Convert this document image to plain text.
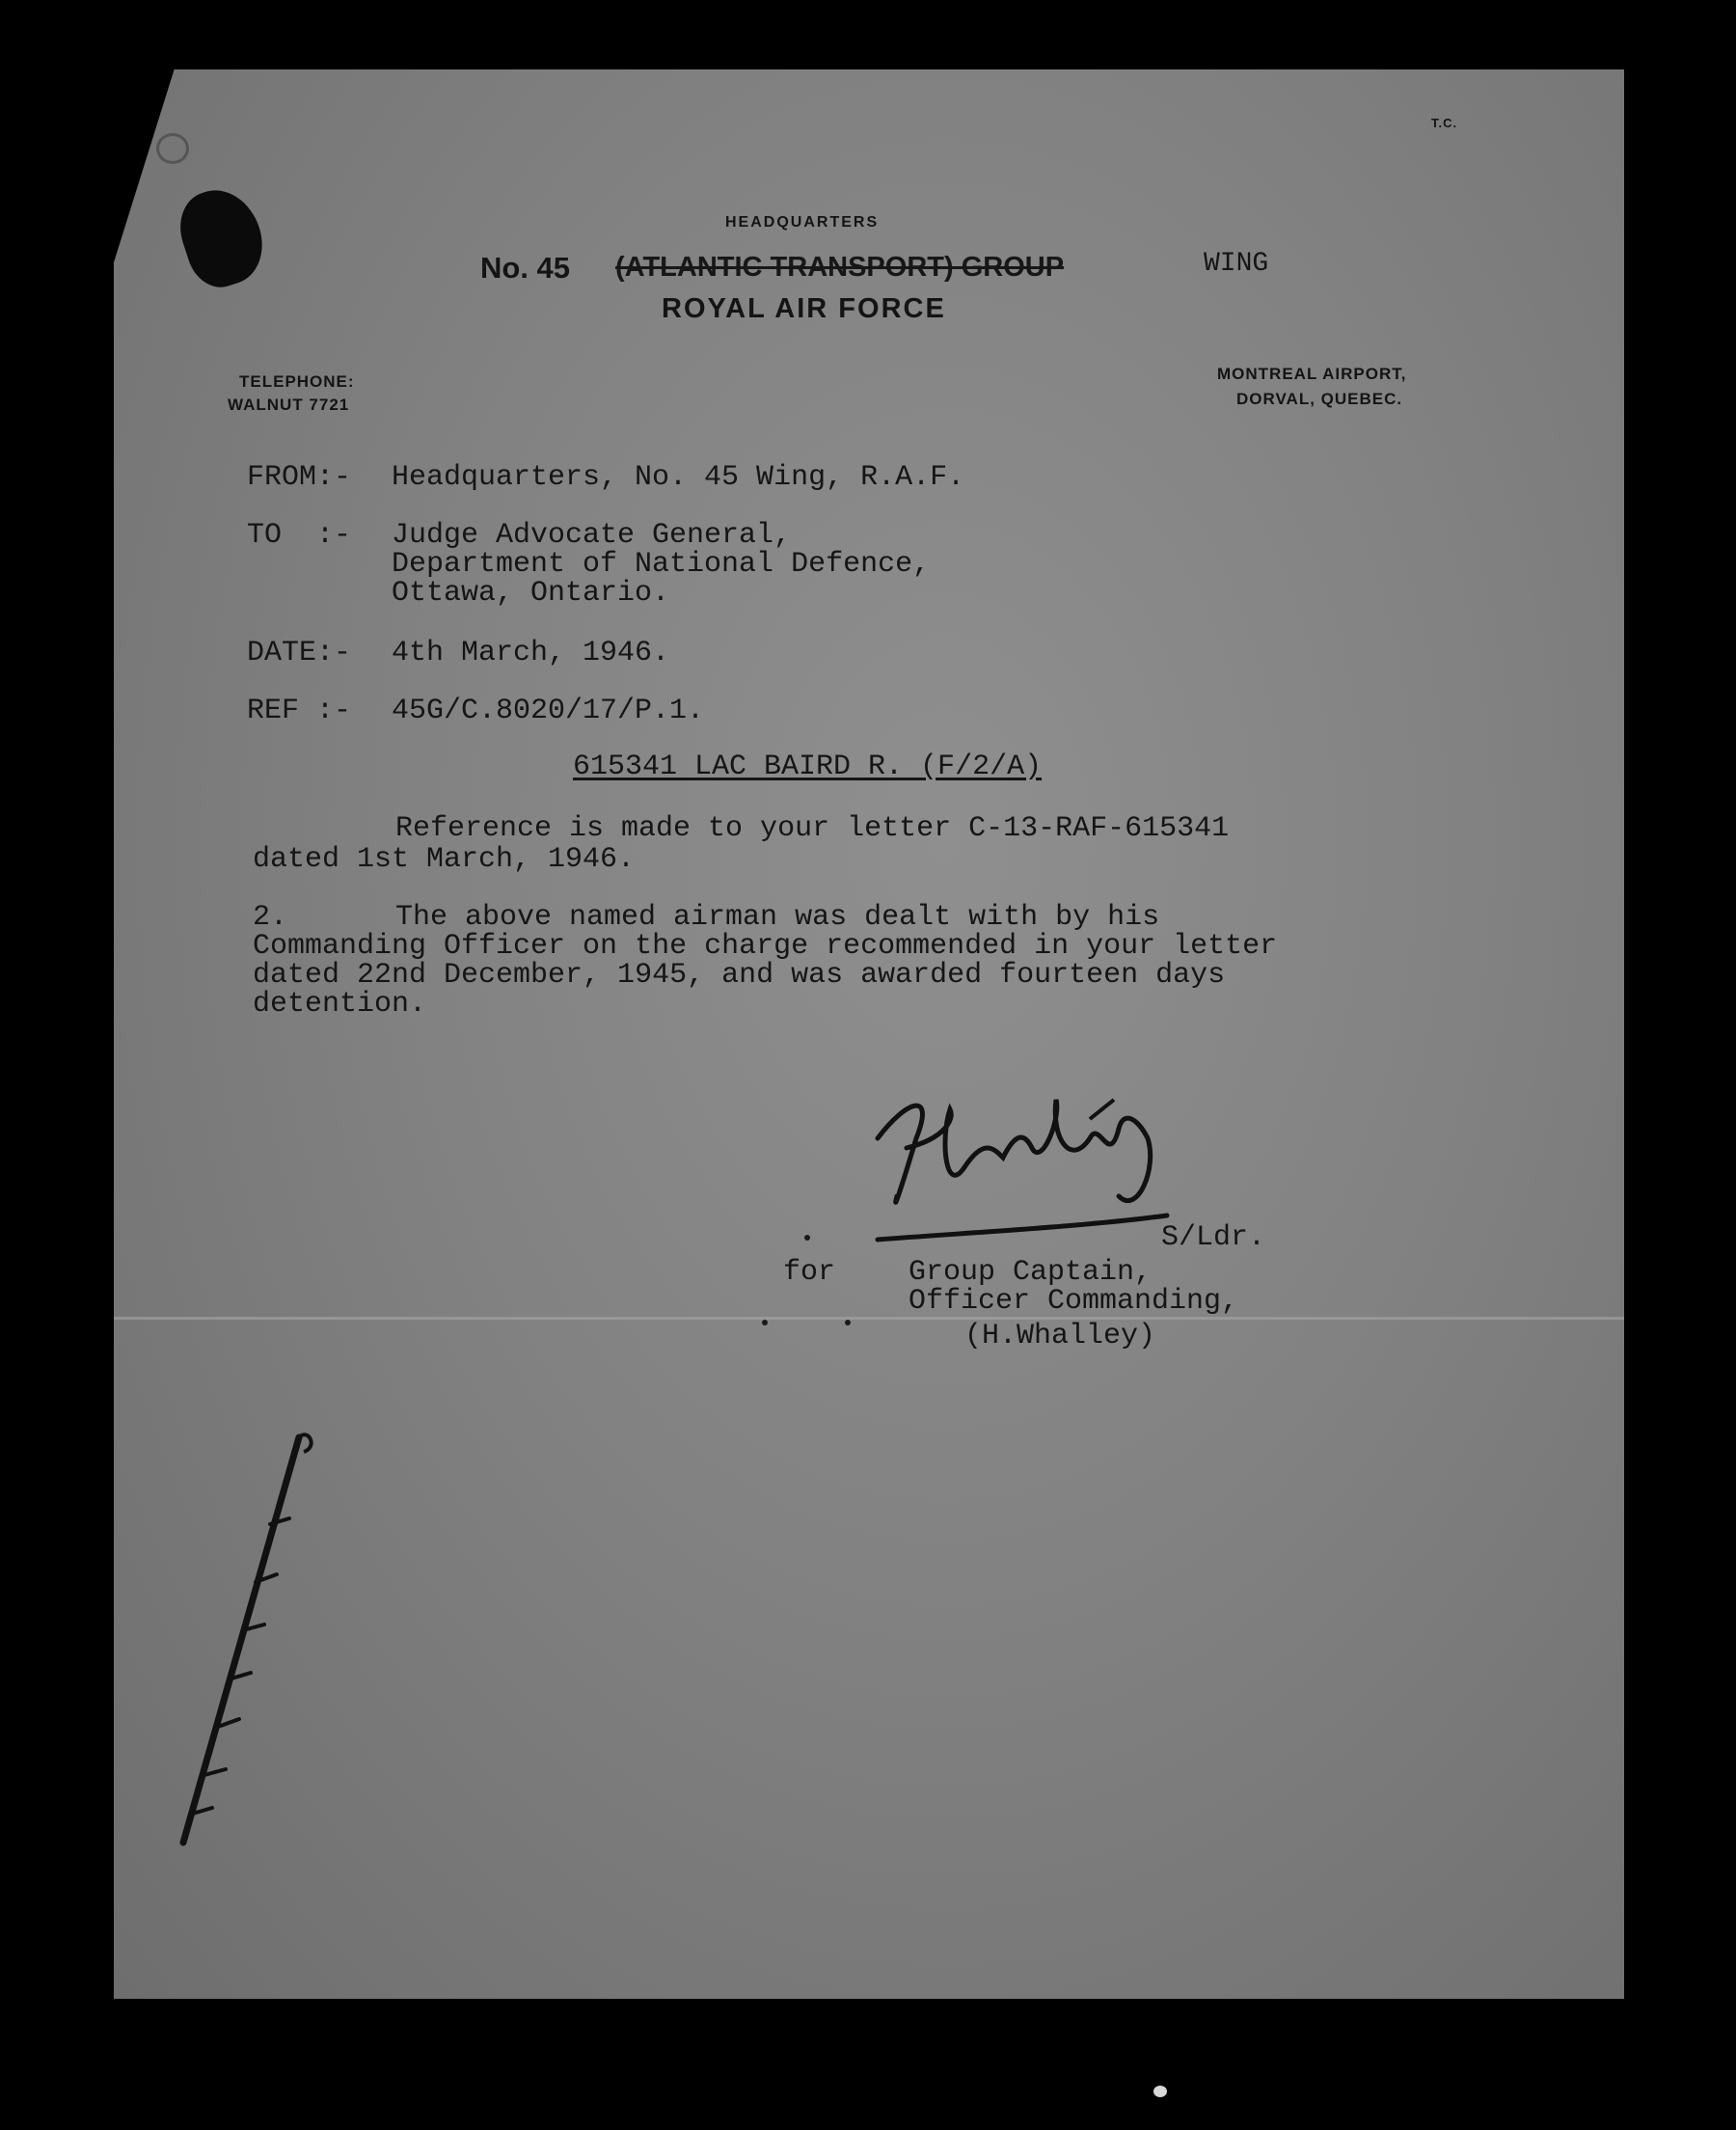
T.C.
HEADQUARTERS
No. 45 (ATLANTIC TRANSPORT) GROUP	WING
ROYAL AIR FORCE
TELEPHONE:
WALNUT 7721
MONTREAL AIRPORT,
DORVAL, QUEBEC.
FROM:- Headquarters, No. 45 Wing, R.A.F.
TO  :- Judge Advocate General,
Department of National Defence,
Ottawa, Ontario.
DATE:- 4th March, 1946.
REF :- 45G/C.8020/17/P.1.
615341 LAC BAIRD R. (F/2/A)
Reference is made to your letter C-13-RAF-615341
dated 1st March, 1946.
2.	The above named airman was dealt with by his
Commanding Officer on the charge recommended in your letter
dated 22nd December, 1945, and was awarded fourteen days
detention.
S/Ldr.
for	Group Captain,
Officer Commanding,
(H.Whalley)
